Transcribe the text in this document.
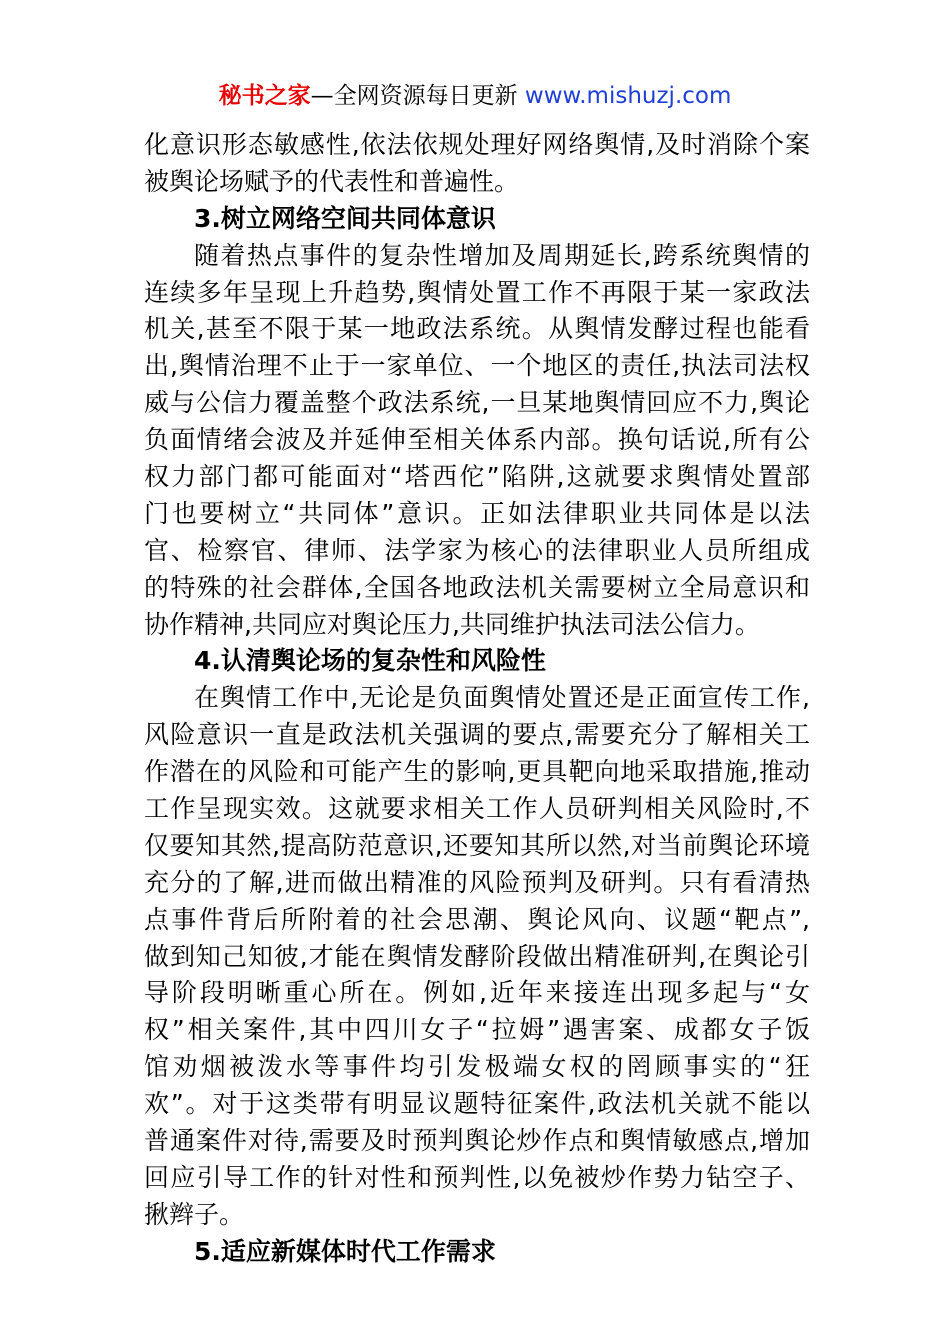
秘书之家—全网资源每日更新 www.mishuzj.com
化意识形态敏感性,依法依规处理好网络舆情,及时消除个案
被舆论场赋予的代表性和普遍性。
3.树立网络空间共同体意识
随着热点事件的复杂性增加及周期延长,跨系统舆情的
连续多年呈现上升趋势,舆情处置工作不再限于某一家政法
机关,甚至不限于某一地政法系统。从舆情发酵过程也能看
出,舆情治理不止于一家单位、一个地区的责任,执法司法权
威与公信力覆盖整个政法系统,一旦某地舆情回应不力,舆论
负面情绪会波及并延伸至相关体系内部。换句话说,所有公
权力部门都可能面对“塔西佗”陷阱,这就要求舆情处置部
门也要树立“共同体”意识。正如法律职业共同体是以法
官、检察官、律师、法学家为核心的法律职业人员所组成
的特殊的社会群体,全国各地政法机关需要树立全局意识和
协作精神,共同应对舆论压力,共同维护执法司法公信力。
4.认清舆论场的复杂性和风险性
在舆情工作中,无论是负面舆情处置还是正面宣传工作,
风险意识一直是政法机关强调的要点,需要充分了解相关工
作潜在的风险和可能产生的影响,更具靶向地采取措施,推动
工作呈现实效。这就要求相关工作人员研判相关风险时,不
仅要知其然,提高防范意识,还要知其所以然,对当前舆论环境
充分的了解,进而做出精准的风险预判及研判。只有看清热
点事件背后所附着的社会思潮、舆论风向、议题“靶点”,
做到知己知彼,才能在舆情发酵阶段做出精准研判,在舆论引
导阶段明晰重心所在。例如,近年来接连出现多起与“女
权”相关案件,其中四川女子“拉姆”遇害案、成都女子饭
馆劝烟被泼水等事件均引发极端女权的罔顾事实的“狂
欢”。对于这类带有明显议题特征案件,政法机关就不能以
普通案件对待,需要及时预判舆论炒作点和舆情敏感点,增加
回应引导工作的针对性和预判性,以免被炒作势力钻空子、
揪辫子。
5.适应新媒体时代工作需求
